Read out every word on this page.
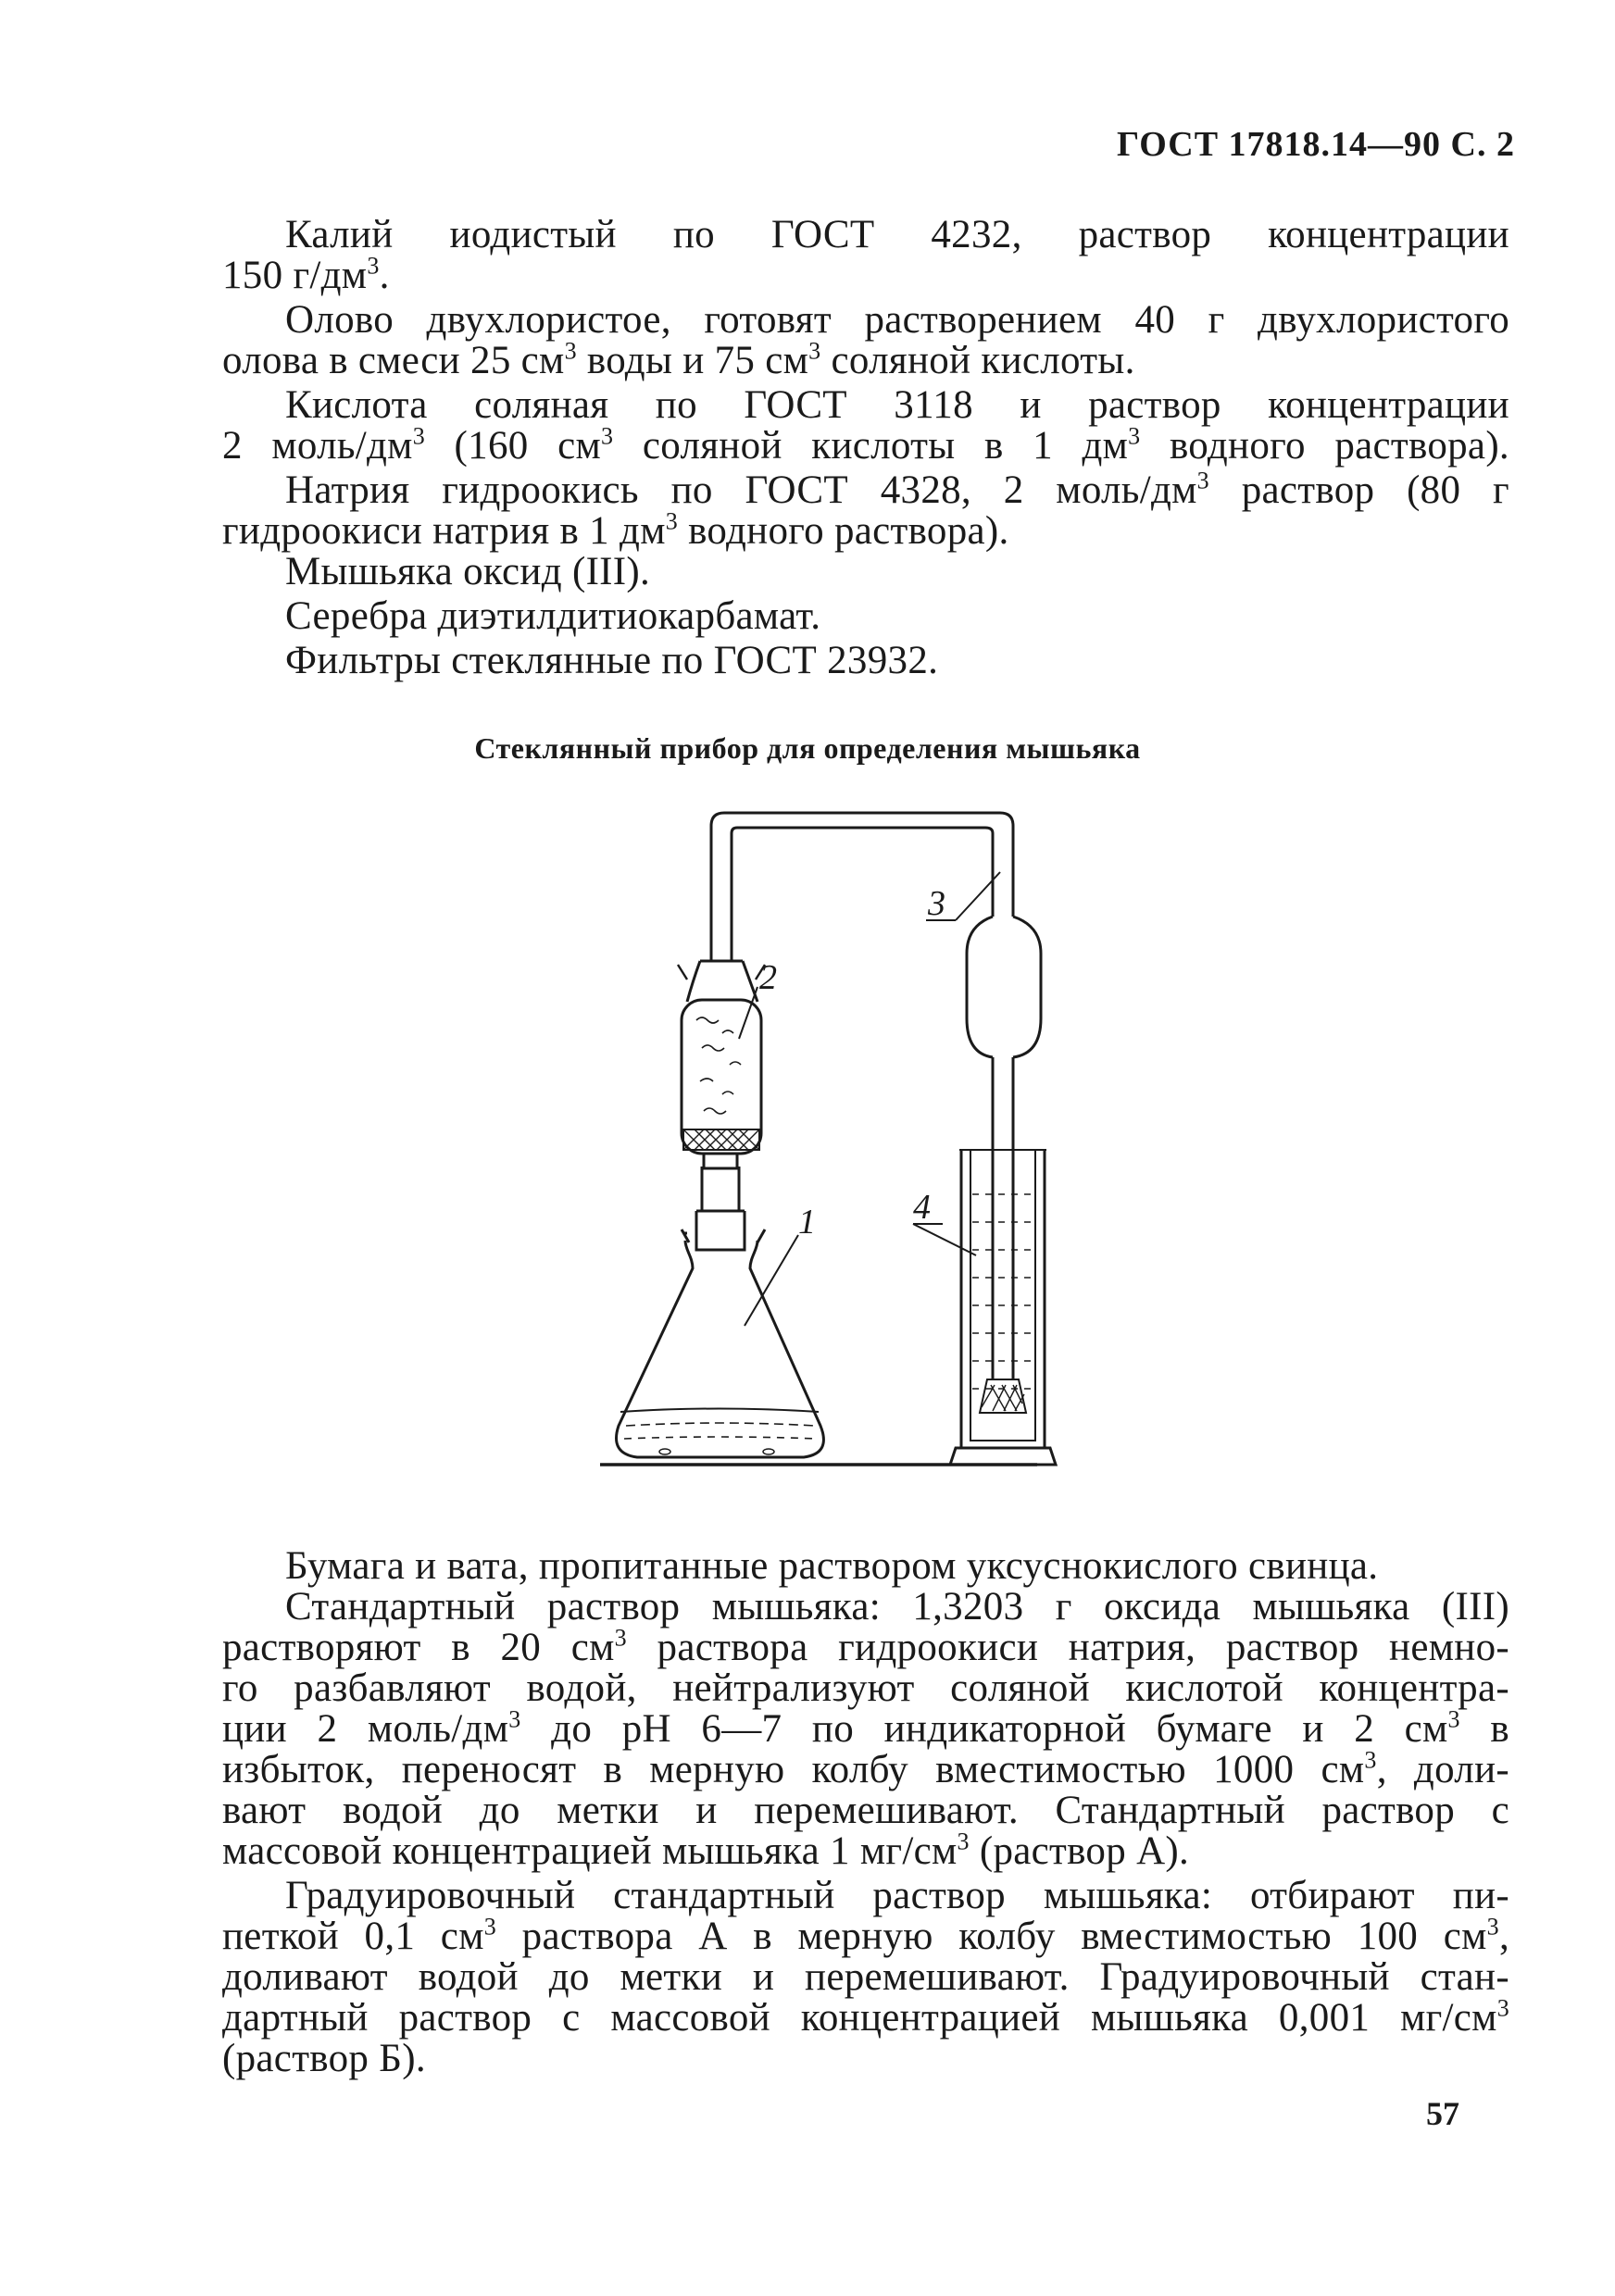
ГОСТ 17818.14—90 С. 2

Калий иодистый по ГОСТ 4232, раствор концентрации
150 $г/дм^3$.

Олово двухлористое, готовят растворением 40 г двухлористого
олова в смеси 25 $см^3$ воды и 75 $см^3$ соляной кислоты.

Кислота соляная по ГОСТ 3118 и раствор концентрации
2 моль/$дм^3$ (160 $см^3$ соляной кислоты в 1 $дм^3$ водного раствора).

Натрия гидроокись по ГОСТ 4328, 2 моль/$дм^3$ раствор (80 г
гидроокиси натрия в 1 $дм^3$ водного раствора).

Мышьяка оксид (III).

Серебра диэтилдитиокарбамат.

Фильтры стеклянные по ГОСТ 23932.

Стеклянный прибор для определения мышьяка
1
2
3
4

Бумага и вата, пропитанные раствором уксуснокислого свинца.

Стандартный раствор мышьяка: 1,3203 г оксида мышьяка (III)
растворяют в 20 $см^3$ раствора гидроокиси натрия, раствор немно-
го разбавляют водой, нейтрализуют соляной кислотой концентра-
ции 2 моль/$дм^3$ до рН 6—7 по индикаторной бумаге и 2 $см^3$ в
избыток, переносят в мерную колбу вместимостью 1000 $см^3$, доли-
вают водой до метки и перемешивают. Стандартный раствор с
массовой концентрацией мышьяка 1 $мг/см^3$ (раствор А).

Градуировочный стандартный раствор мышьяка: отбирают пи-
петкой 0,1 $см^3$ раствора А в мерную колбу вместимостью 100 $см^3$,
доливают водой до метки и перемешивают. Градуировочный стан-
дартный раствор с массовой концентрацией мышьяка 0,001 $мг/см^3$
(раствор Б).

57
